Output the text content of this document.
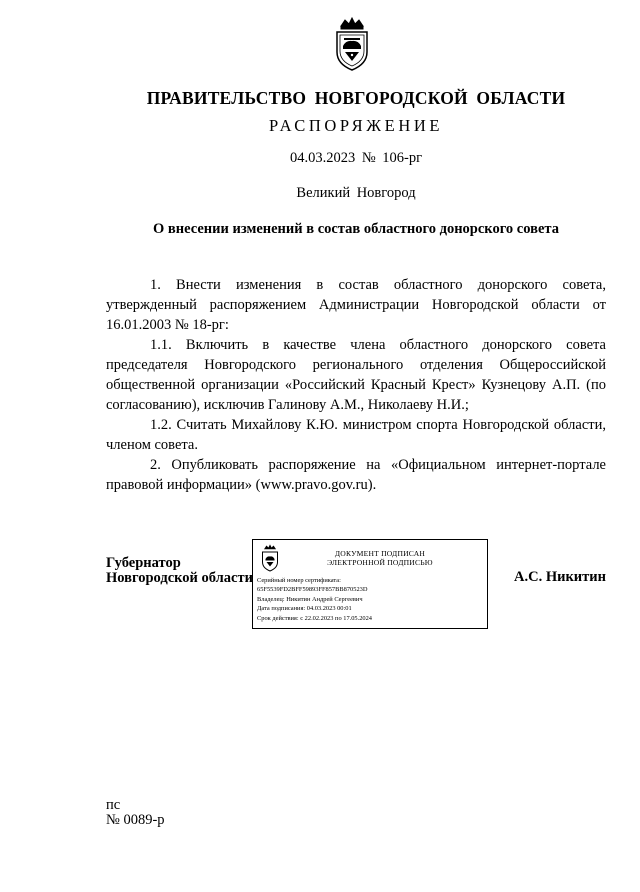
ПРАВИТЕЛЬСТВО НОВГОРОДСКОЙ ОБЛАСТИ
РАСПОРЯЖЕНИЕ
04.03.2023 № 106-рг
Великий Новгород
О внесении изменений в состав областного донорского совета

1. Внести изменения в состав областного донорского совета, утвержденный распоряжением Администрации Новгородской области от 16.01.2003 № 18-рг:

1.1. Включить в качестве члена областного донорского совета председателя Новгородского регионального отделения Общероссийской общественной организации «Российский Красный Крест» Кузнецову А.П. (по согласованию), исключив Галинову А.М., Николаеву Н.И.;

1.2. Считать Михайлову К.Ю. министром спорта Новгородской области, членом совета.

2. Опубликовать распоряжение на «Официальном интернет-портале правовой информации» (www.pravo.gov.ru).

Губернатор
Новгородской области
ДОКУМЕНТ ПОДПИСАН
ЭЛЕКТРОННОЙ ПОДПИСЬЮ
Серийный номер сертификата:
65F5539FD2BFF59893FF857BB870523D
Владелец: Никитин Андрей Сергеевич
Дата подписания: 04.03.2023 00:01
Срок действия: с 22.02.2023 по 17.05.2024
А.С. Никитин
пс
№ 0089-р
